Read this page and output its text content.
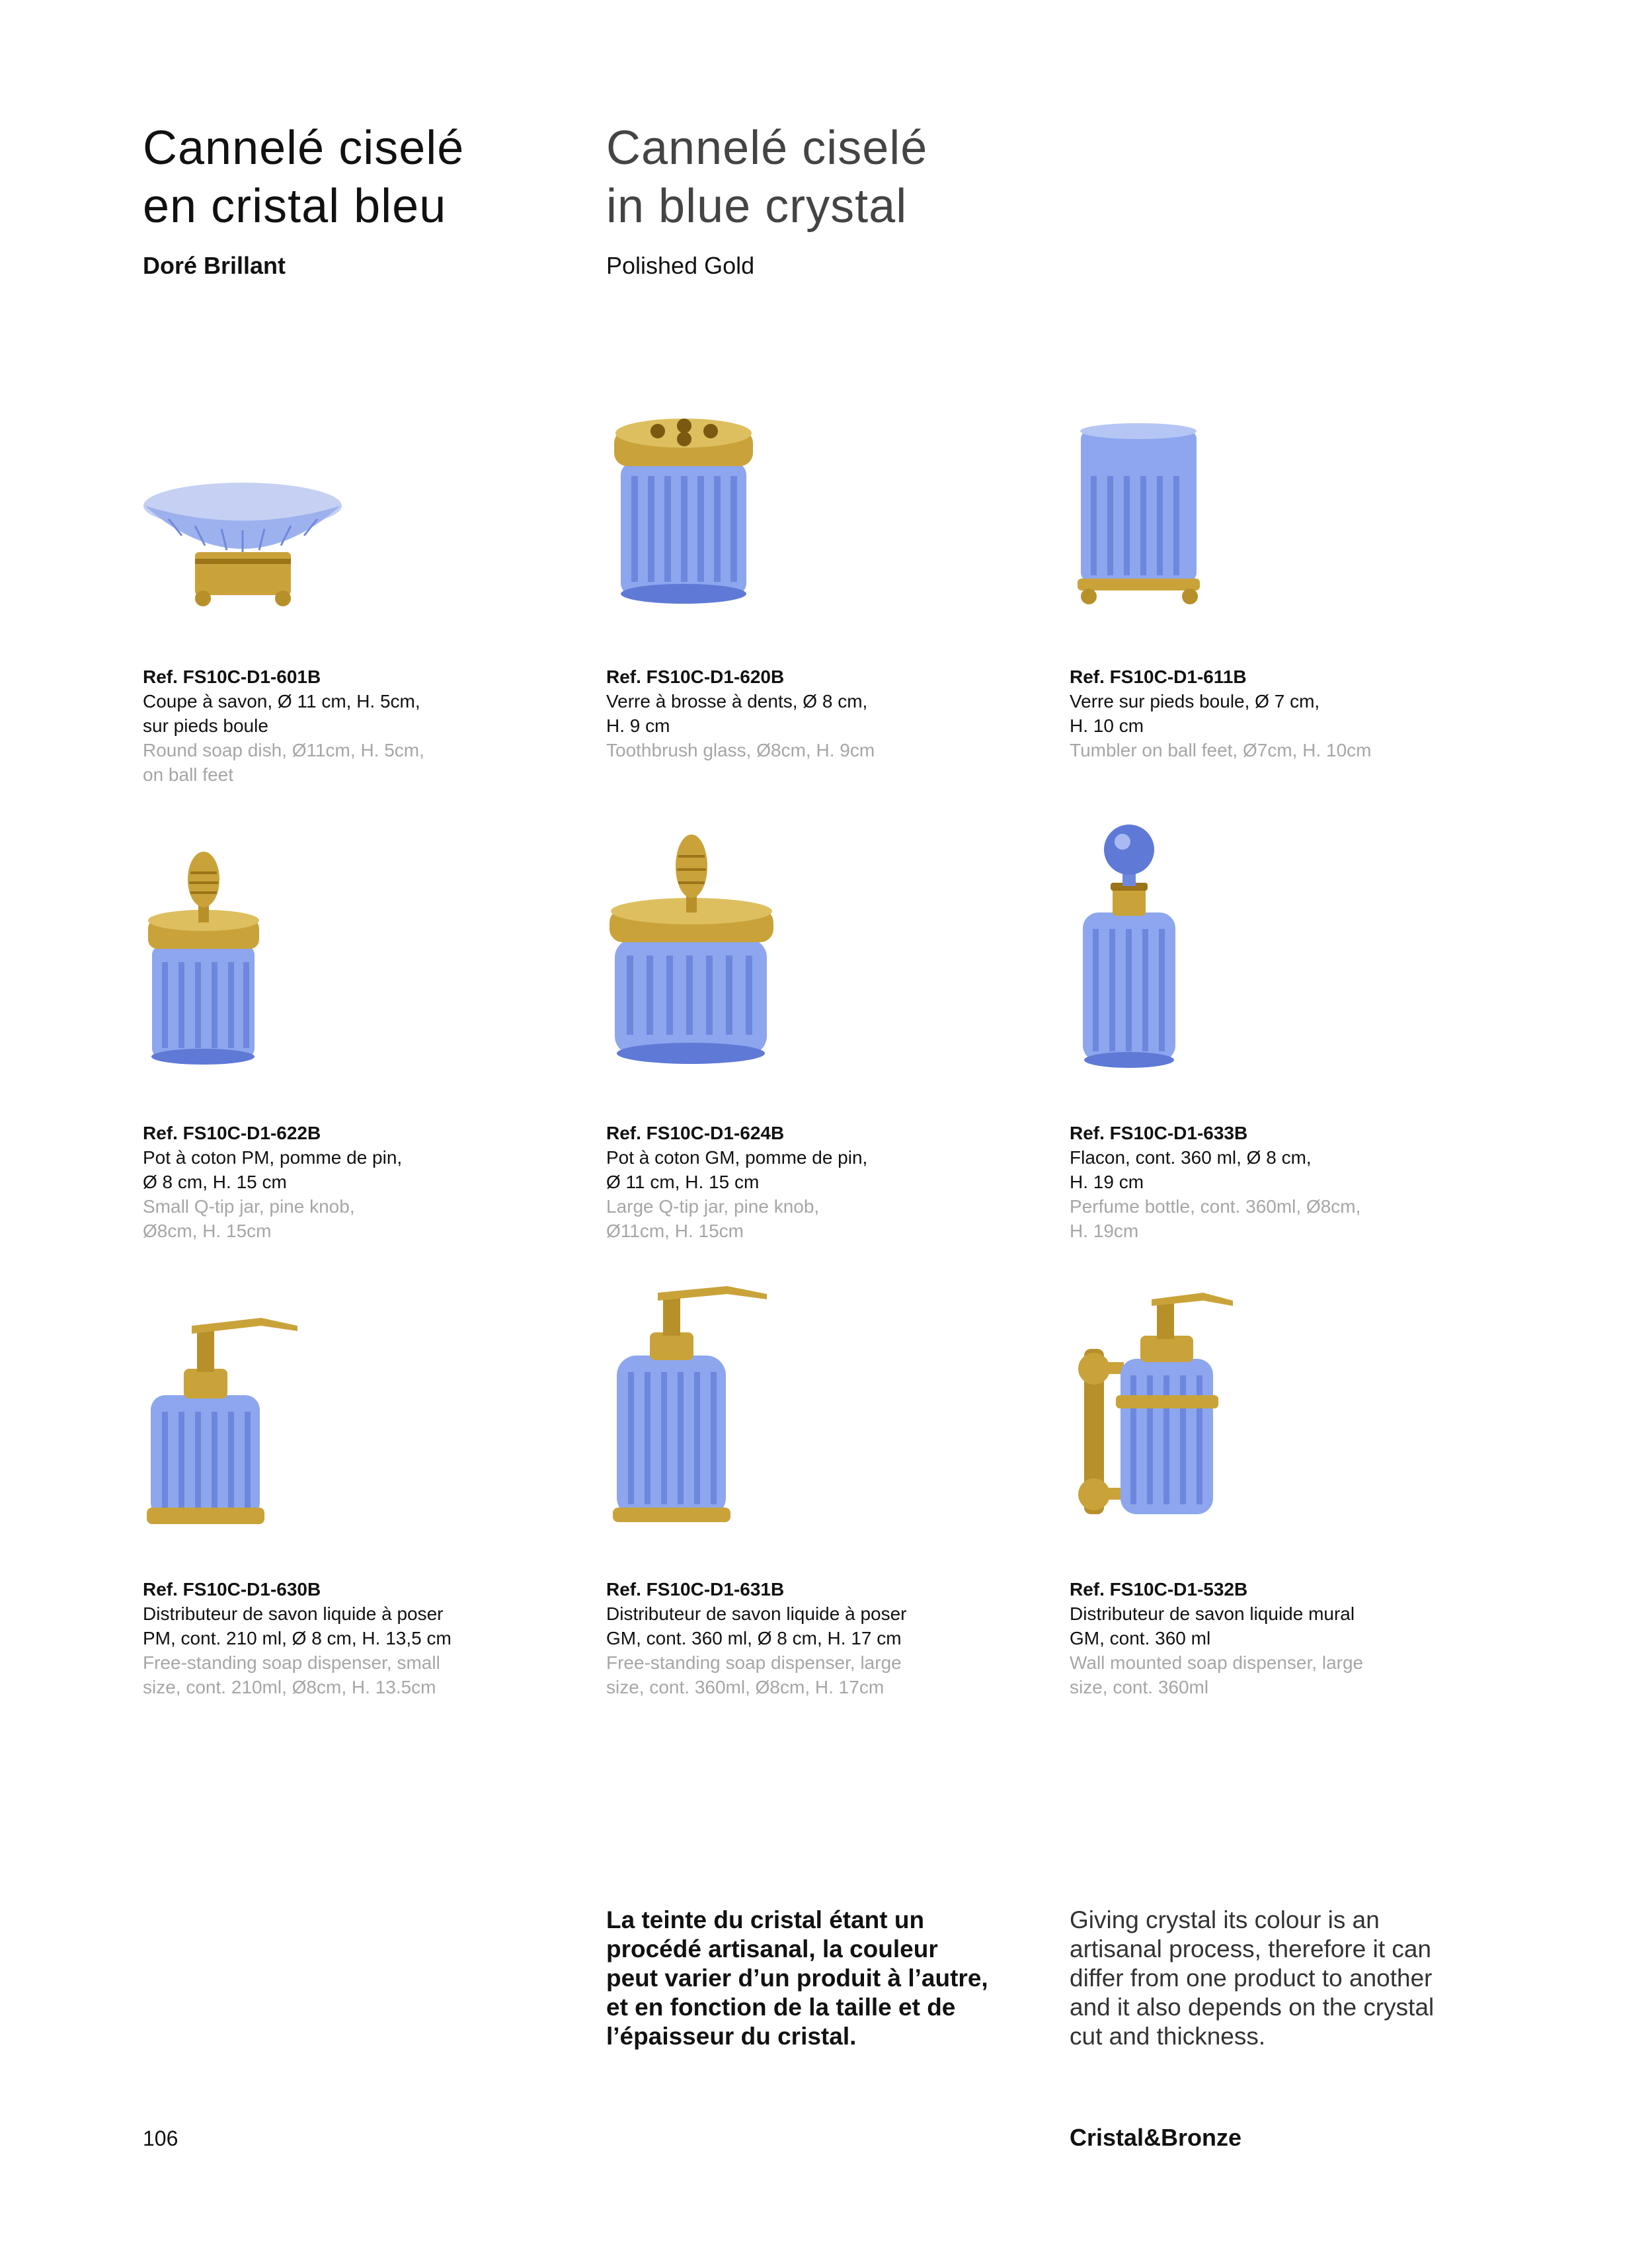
Cannelé ciselé
en cristal bleu
Cannelé ciselé
in blue crystal
Doré Brillant	Polished Gold
Ref. FS10C-D1-601B
Coupe à savon, Ø 11 cm, H. 5cm,
sur pieds boule
Round soap dish, Ø11cm, H. 5cm,
on ball feet
Ref. FS10C-D1-620B
Verre à brosse à dents, Ø 8 cm,
H. 9 cm
Toothbrush glass, Ø8cm, H. 9cm
Ref. FS10C-D1-611B
Verre sur pieds boule, Ø 7 cm,
H. 10 cm
Tumbler on ball feet, Ø7cm, H. 10cm
Ref. FS10C-D1-622B
Pot à coton PM, pomme de pin,
Ø 8 cm, H. 15 cm
Small Q-tip jar, pine knob,
Ø8cm, H. 15cm
Ref. FS10C-D1-624B
Pot à coton GM, pomme de pin,
Ø 11 cm, H. 15 cm
Large Q-tip jar, pine knob,
Ø11cm, H. 15cm
Ref. FS10C-D1-633B
Flacon, cont. 360 ml, Ø 8 cm,
H. 19 cm
Perfume bottle, cont. 360ml, Ø8cm,
H. 19cm
Ref. FS10C-D1-630B
Distributeur de savon liquide à poser
PM, cont. 210 ml, Ø 8 cm, H. 13,5 cm
Free-standing soap dispenser, small
size, cont. 210ml, Ø8cm, H. 13.5cm
Ref. FS10C-D1-631B
Distributeur de savon liquide à poser
GM, cont. 360 ml, Ø 8 cm, H. 17 cm
Free-standing soap dispenser, large
size, cont. 360ml, Ø8cm, H. 17cm
Ref. FS10C-D1-532B
Distributeur de savon liquide mural
GM, cont. 360 ml
Wall mounted soap dispenser, large
size, cont. 360ml
La teinte du cristal étant un
procédé artisanal, la couleur
peut varier d’un produit à l’autre,
et en fonction de la taille et de
l’épaisseur du cristal.
Giving crystal its colour is an
artisanal process, therefore it can
differ from one product to another
and it also depends on the crystal
cut and thickness.
106	Cristal&Bronze
